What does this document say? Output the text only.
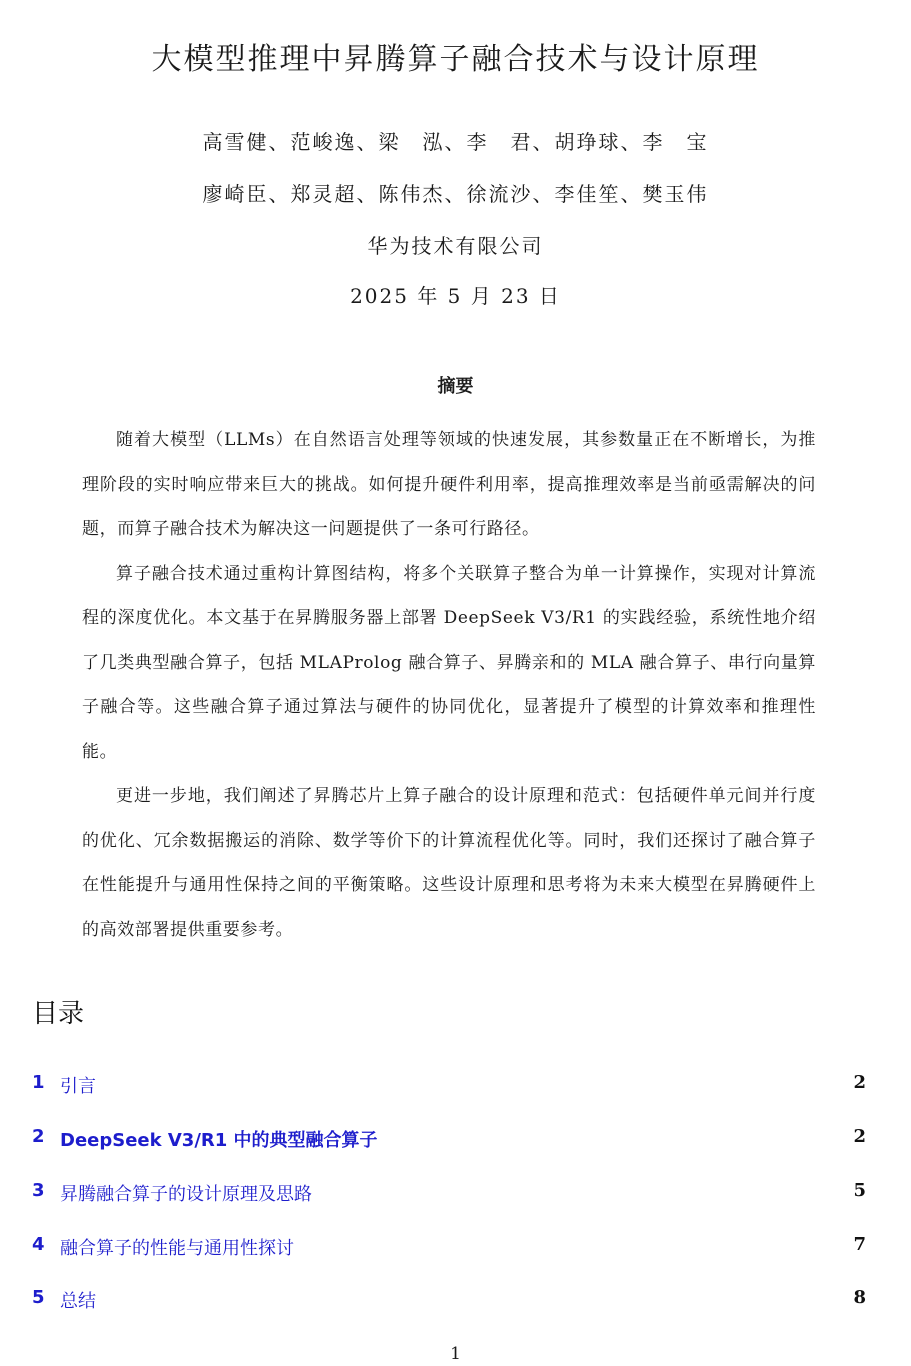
大模型推理中昇腾算子融合技术与设计原理
高雪健、范峻逸、梁　泓、李　君、胡琤球、李　宝
廖崎臣、郑灵超、陈伟杰、徐流沙、李佳笙、樊玉伟
华为技术有限公司
2025 年 5 月 23 日
摘要

随着大模型（LLMs）在自然语言处理等领域的快速发展，其参数量正在不断增长，为推理阶段的实时响应带来巨大的挑战。如何提升硬件利用率，提高推理效率是当前亟需解决的问题，而算子融合技术为解决这一问题提供了一条可行路径。

算子融合技术通过重构计算图结构，将多个关联算子整合为单一计算操作，实现对计算流程的深度优化。本文基于在昇腾服务器上部署 DeepSeek V3/R1 的实践经验，系统性地介绍了几类典型融合算子，包括 MLAProlog 融合算子、昇腾亲和的 MLA 融合算子、串行向量算子融合等。这些融合算子通过算法与硬件的协同优化，显著提升了模型的计算效率和推理性能。

更进一步地，我们阐述了昇腾芯片上算子融合的设计原理和范式：包括硬件单元间并行度的优化、冗余数据搬运的消除、数学等价下的计算流程优化等。同时，我们还探讨了融合算子在性能提升与通用性保持之间的平衡策略。这些设计原理和思考将为未来大模型在昇腾硬件上的高效部署提供重要参考。

目录
1 引言	2
2 DeepSeek V3/R1 中的典型融合算子	2
3 昇腾融合算子的设计原理及思路	5
4 融合算子的性能与通用性探讨	7
5 总结	8
1
